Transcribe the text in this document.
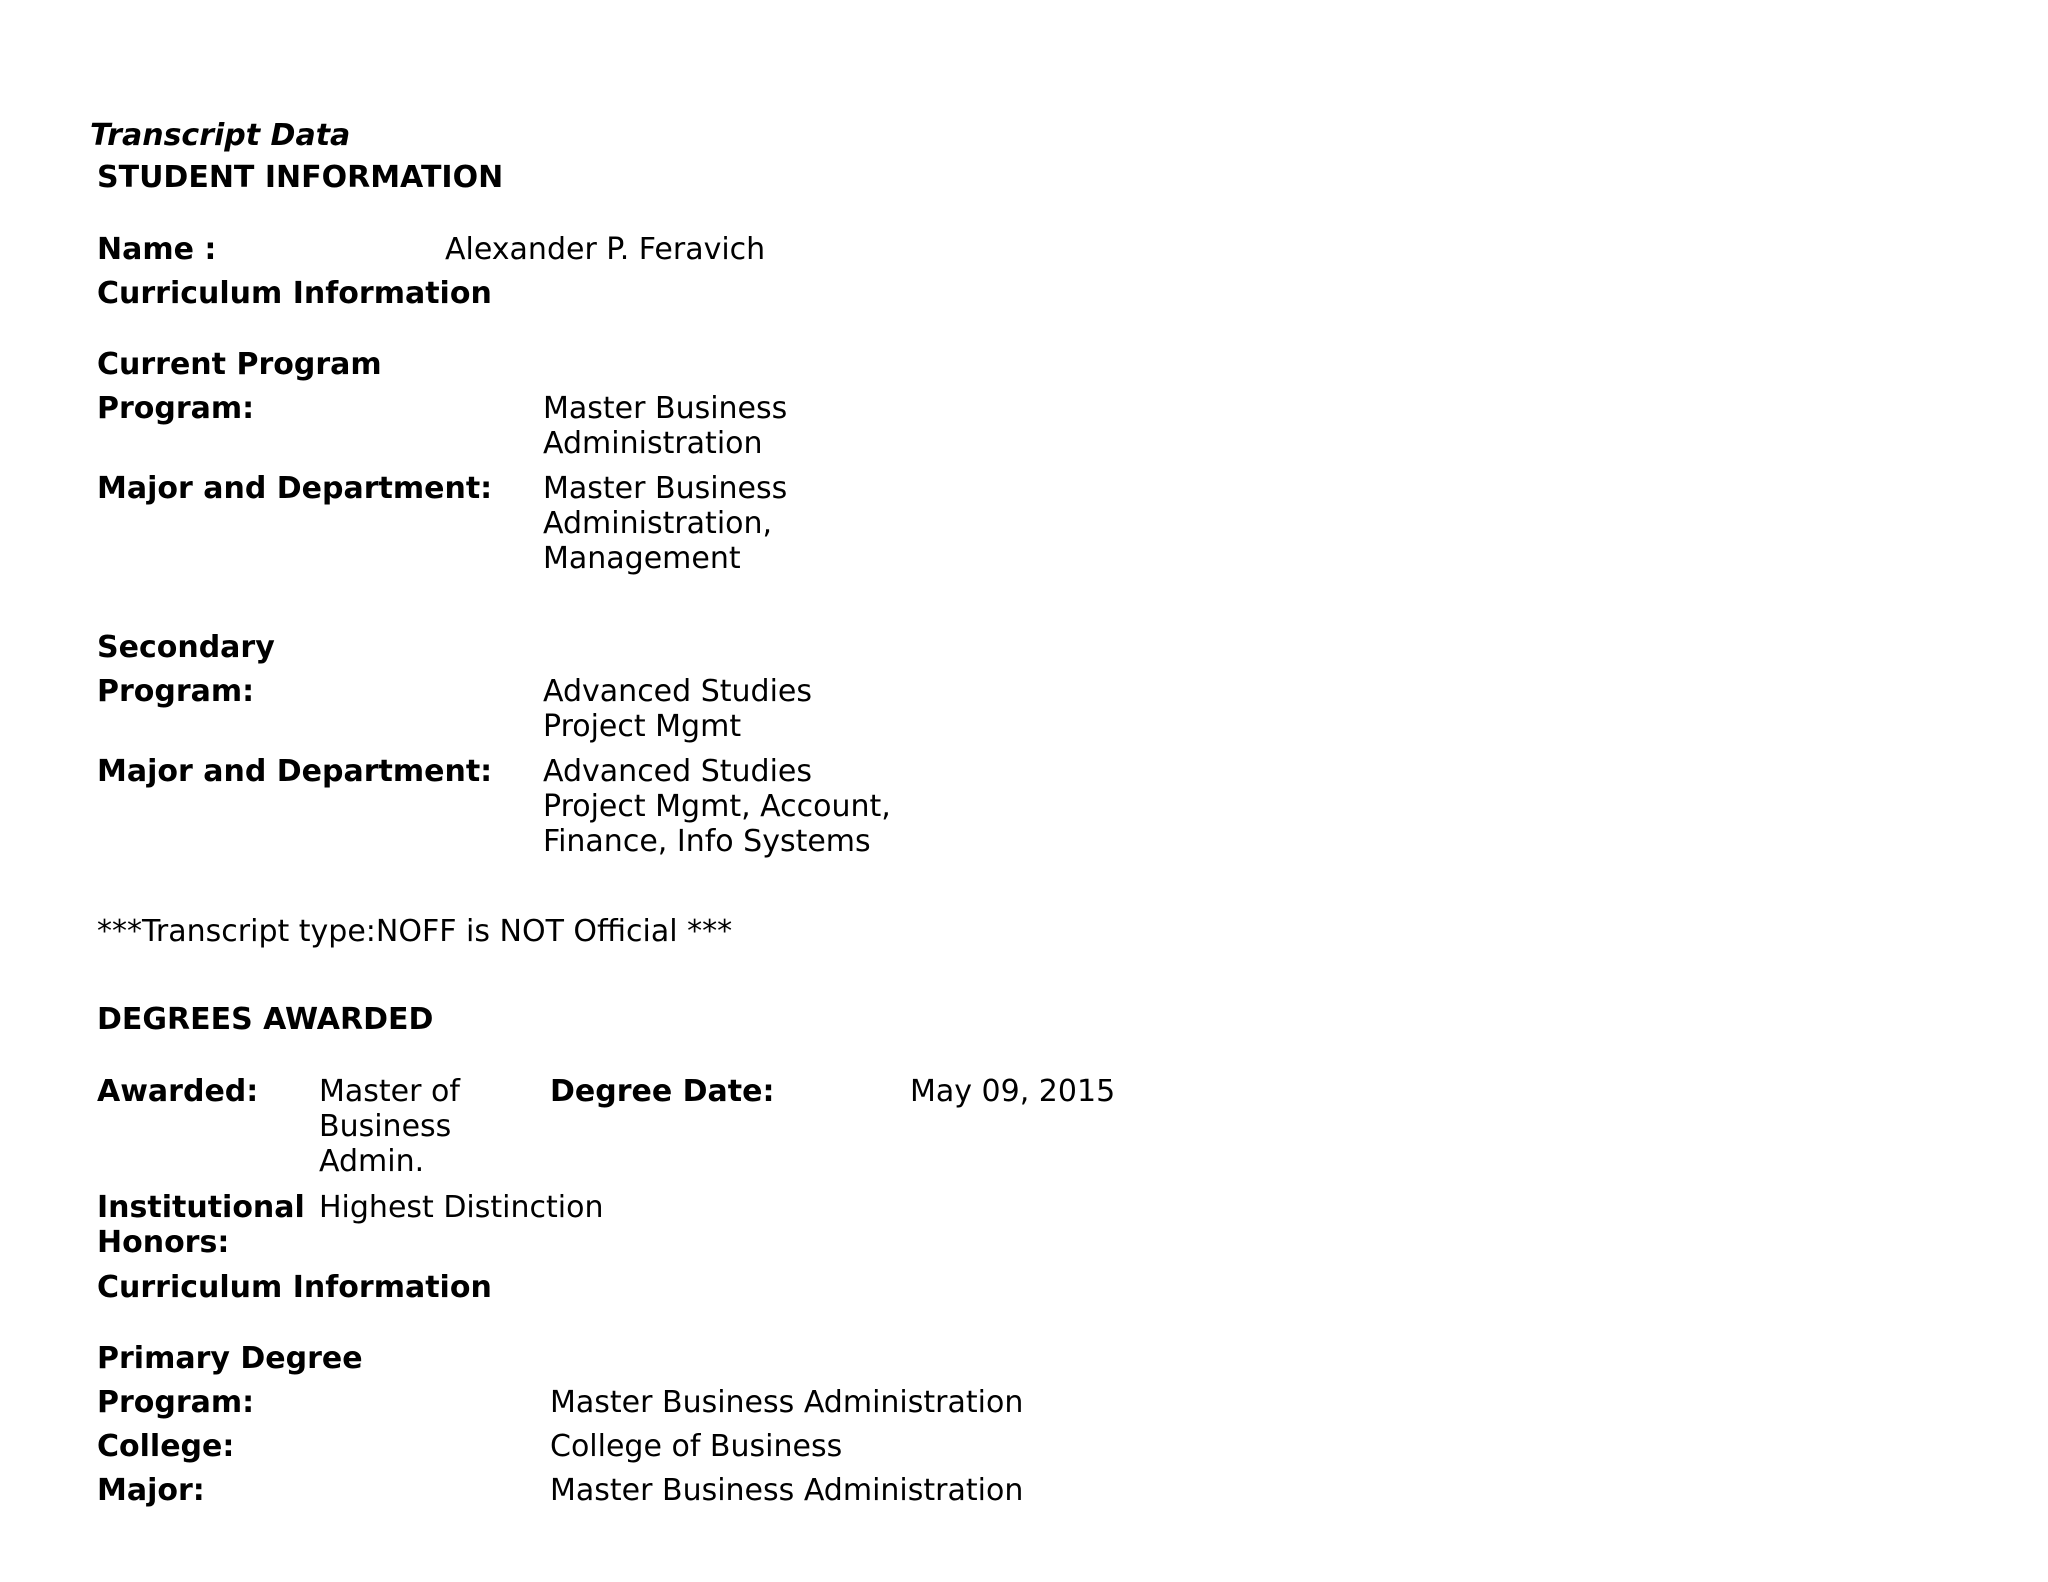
Transcript Data
STUDENT INFORMATION
Name :	Alexander P. Feravich
Curriculum Information
Current Program
Program:	Master Business
Administration
Major and Department: Master Business
Administration,
Management
Secondary
Program:	Advanced Studies
Project Mgmt
Major and Department: Advanced Studies
Project Mgmt, Account,
Finance, Info Systems
***Transcript type:NOFF is NOT Official ***
DEGREES AWARDED
Awarded: Master of
Business
Admin.
Degree Date:	May 09, 2015
Institutional
Honors:
Highest Distinction
Curriculum Information
Primary Degree
Program:	Master Business Administration
College:	College of Business
Major:	Master Business Administration
